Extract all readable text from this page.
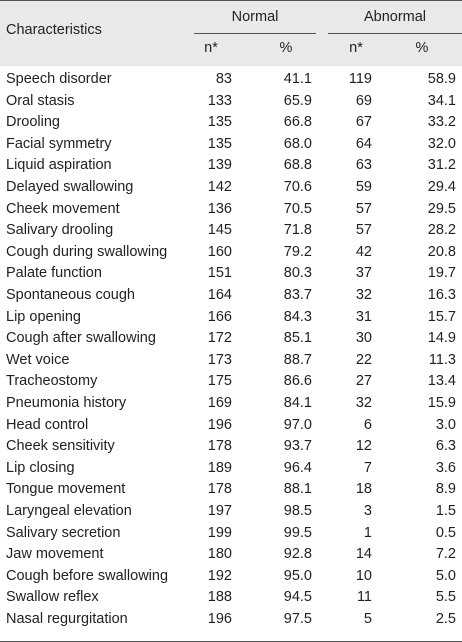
Characteristics
Normal	Abnormal
n*	%	n*	%
Speech disorder	83	41.1	119	58.9
Oral stasis	133	65.9	69	34.1
Drooling	135	66.8	67	33.2
Facial symmetry	135	68.0	64	32.0
Liquid aspiration	139	68.8	63	31.2
Delayed swallowing	142	70.6	59	29.4
Cheek movement	136	70.5	57	29.5
Salivary drooling	145	71.8	57	28.2
Cough during swallowing	160	79.2	42	20.8
Palate function	151	80.3	37	19.7
Spontaneous cough	164	83.7	32	16.3
Lip opening	166	84.3	31	15.7
Cough after swallowing	172	85.1	30	14.9
Wet voice	173	88.7	22	11.3
Tracheostomy	175	86.6	27	13.4
Pneumonia history	169	84.1	32	15.9
Head control	196	97.0	6	3.0
Cheek sensitivity	178	93.7	12	6.3
Lip closing	189	96.4	7	3.6
Tongue movement	178	88.1	18	8.9
Laryngeal elevation	197	98.5	3	1.5
Salivary secretion	199	99.5	1	0.5
Jaw movement	180	92.8	14	7.2
Cough before swallowing	192	95.0	10	5.0
Swallow reflex	188	94.5	11	5.5
Nasal regurgitation	196	97.5	5	2.5
